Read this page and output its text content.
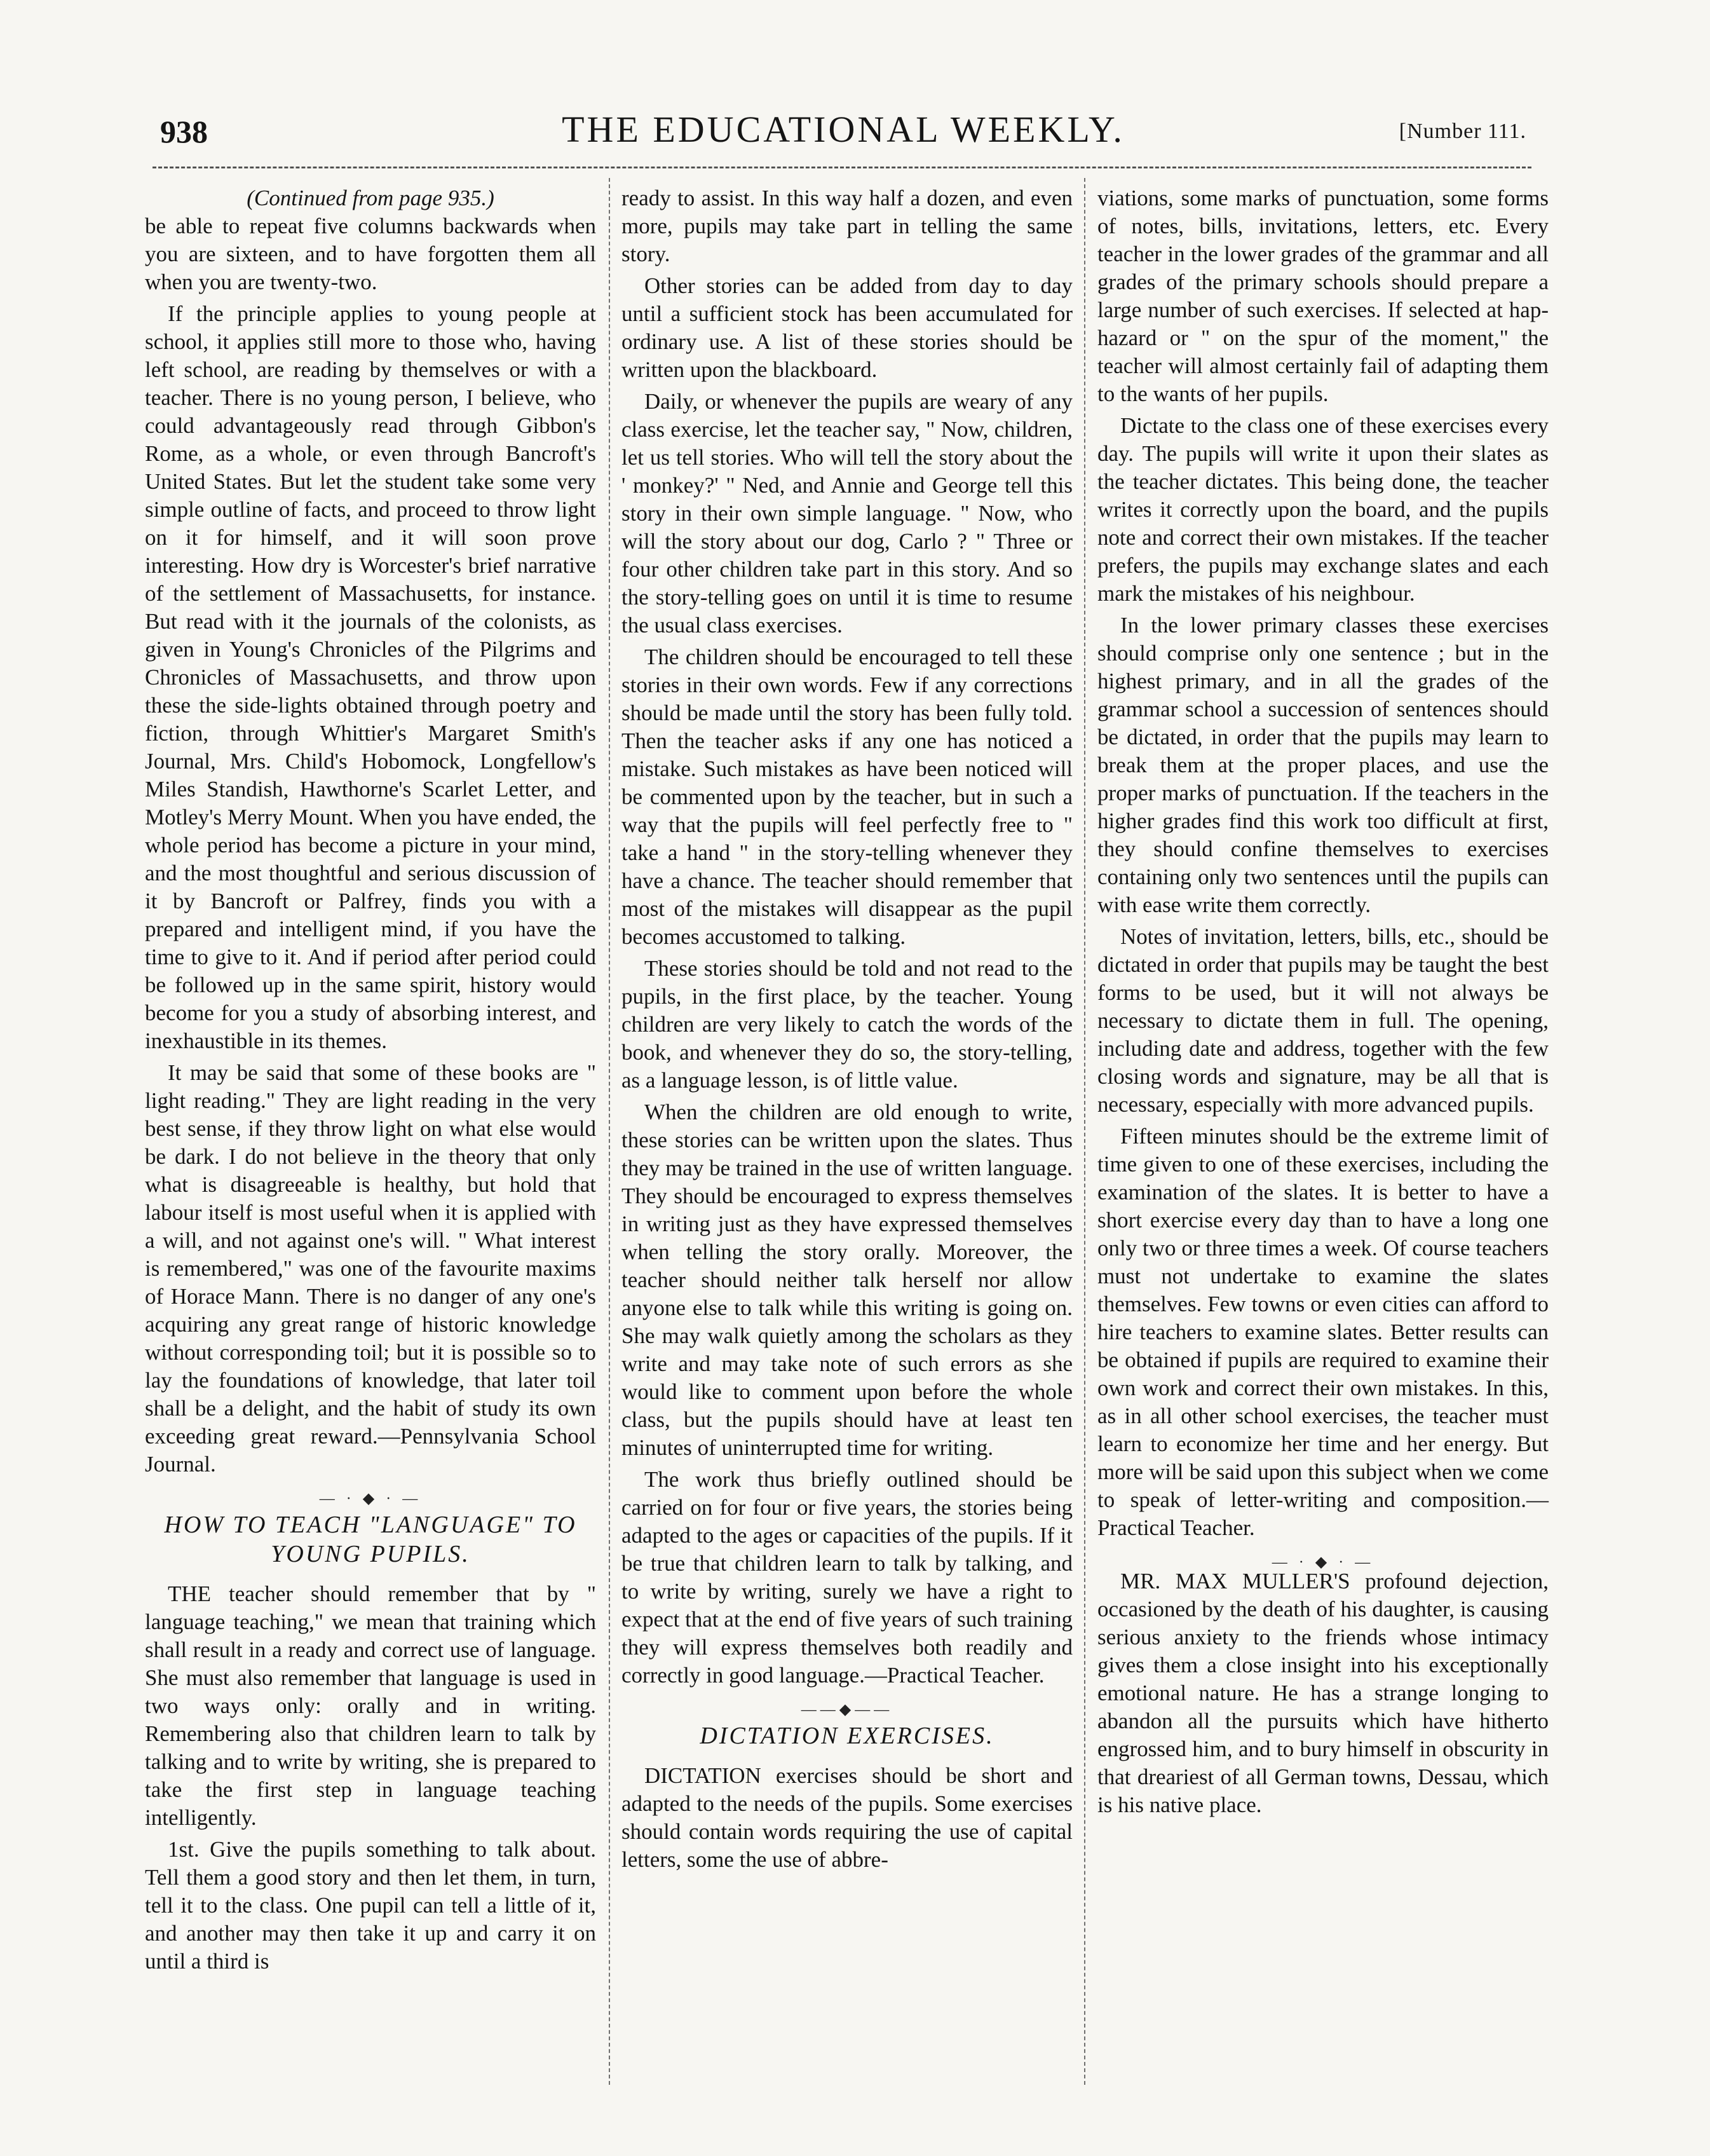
938	THE EDUCATIONAL WEEKLY.	[Number 111.

(Continued from page 935.)

be able to repeat five columns backwards when you are sixteen, and to have forgotten them all when you are twenty-two.

If the principle applies to young people at school, it applies still more to those who, having left school, are reading by themselves or with a teacher. There is no young person, I believe, who could advantageously read through Gibbon's Rome, as a whole, or even through Bancroft's United States. But let the student take some very simple outline of facts, and proceed to throw light on it for himself, and it will soon prove interesting. How dry is Worcester's brief narrative of the settlement of Massachusetts, for instance. But read with it the journals of the colonists, as given in Young's Chronicles of the Pilgrims and Chronicles of Massachusetts, and throw upon these the side-lights obtained through poetry and fiction, through Whittier's Margaret Smith's Journal, Mrs. Child's Hobomock, Longfellow's Miles Standish, Hawthorne's Scarlet Letter, and Motley's Merry Mount. When you have ended, the whole period has become a picture in your mind, and the most thoughtful and serious discussion of it by Bancroft or Palfrey, finds you with a prepared and intelligent mind, if you have the time to give to it. And if period after period could be followed up in the same spirit, history would become for you a study of absorbing interest, and inexhaustible in its themes.

It may be said that some of these books are " light reading." They are light reading in the very best sense, if they throw light on what else would be dark. I do not believe in the theory that only what is disagreeable is healthy, but hold that labour itself is most useful when it is applied with a will, and not against one's will. " What interest is remembered," was one of the favourite maxims of Horace Mann. There is no danger of any one's acquiring any great range of historic knowledge without corresponding toil; but it is possible so to lay the foundations of knowledge, that later toil shall be a delight, and the habit of study its own exceeding great reward.—Pennsylvania School Journal.

— · ◆ · —

HOW TO TEACH "LANGUAGE" TO YOUNG PUPILS.

THE teacher should remember that by " language teaching," we mean that training which shall result in a ready and correct use of language. She must also remember that language is used in two ways only: orally and in writing. Remembering also that children learn to talk by talking and to write by writing, she is prepared to take the first step in language teaching intelligently.

1st. Give the pupils something to talk about. Tell them a good story and then let them, in turn, tell it to the class. One pupil can tell a little of it, and another may then take it up and carry it on until a third is

ready to assist. In this way half a dozen, and even more, pupils may take part in telling the same story.

Other stories can be added from day to day until a sufficient stock has been accumulated for ordinary use. A list of these stories should be written upon the blackboard.

Daily, or whenever the pupils are weary of any class exercise, let the teacher say, " Now, children, let us tell stories. Who will tell the story about the ' monkey?' " Ned, and Annie and George tell this story in their own simple language. " Now, who will the story about our dog, Carlo ? " Three or four other children take part in this story. And so the story-telling goes on until it is time to resume the usual class exercises.

The children should be encouraged to tell these stories in their own words. Few if any corrections should be made until the story has been fully told. Then the teacher asks if any one has noticed a mistake. Such mistakes as have been noticed will be commented upon by the teacher, but in such a way that the pupils will feel perfectly free to " take a hand " in the story-telling whenever they have a chance. The teacher should remember that most of the mistakes will disappear as the pupil becomes accustomed to talking.

These stories should be told and not read to the pupils, in the first place, by the teacher. Young children are very likely to catch the words of the book, and whenever they do so, the story-telling, as a language lesson, is of little value.

When the children are old enough to write, these stories can be written upon the slates. Thus they may be trained in the use of written language. They should be encouraged to express themselves in writing just as they have expressed themselves when telling the story orally. Moreover, the teacher should neither talk herself nor allow anyone else to talk while this writing is going on. She may walk quietly among the scholars as they write and may take note of such errors as she would like to comment upon before the whole class, but the pupils should have at least ten minutes of uninterrupted time for writing.

The work thus briefly outlined should be carried on for four or five years, the stories being adapted to the ages or capacities of the pupils. If it be true that children learn to talk by talking, and to write by writing, surely we have a right to expect that at the end of five years of such training they will express themselves both readily and correctly in good language.—Practical Teacher.

——◆——

DICTATION EXERCISES.

DICTATION exercises should be short and adapted to the needs of the pupils. Some exercises should contain words requiring the use of capital letters, some the use of abbre-

viations, some marks of punctuation, some forms of notes, bills, invitations, letters, etc. Every teacher in the lower grades of the grammar and all grades of the primary schools should prepare a large number of such exercises. If selected at hap-hazard or " on the spur of the moment," the teacher will almost certainly fail of adapting them to the wants of her pupils.

Dictate to the class one of these exercises every day. The pupils will write it upon their slates as the teacher dictates. This being done, the teacher writes it correctly upon the board, and the pupils note and correct their own mistakes. If the teacher prefers, the pupils may exchange slates and each mark the mistakes of his neighbour.

In the lower primary classes these exercises should comprise only one sentence ; but in the highest primary, and in all the grades of the grammar school a succession of sentences should be dictated, in order that the pupils may learn to break them at the proper places, and use the proper marks of punctuation. If the teachers in the higher grades find this work too difficult at first, they should confine themselves to exercises containing only two sentences until the pupils can with ease write them correctly.

Notes of invitation, letters, bills, etc., should be dictated in order that pupils may be taught the best forms to be used, but it will not always be necessary to dictate them in full. The opening, including date and address, together with the few closing words and signature, may be all that is necessary, especially with more advanced pupils.

Fifteen minutes should be the extreme limit of time given to one of these exercises, including the examination of the slates. It is better to have a short exercise every day than to have a long one only two or three times a week. Of course teachers must not undertake to examine the slates themselves. Few towns or even cities can afford to hire teachers to examine slates. Better results can be obtained if pupils are required to examine their own work and correct their own mistakes. In this, as in all other school exercises, the teacher must learn to economize her time and her energy. But more will be said upon this subject when we come to speak of letter-writing and composition.—Practical Teacher.

— · ◆ · —

MR. MAX MULLER'S profound dejection, occasioned by the death of his daughter, is causing serious anxiety to the friends whose intimacy gives them a close insight into his exceptionally emotional nature. He has a strange longing to abandon all the pursuits which have hitherto engrossed him, and to bury himself in obscurity in that dreariest of all German towns, Dessau, which is his native place.
